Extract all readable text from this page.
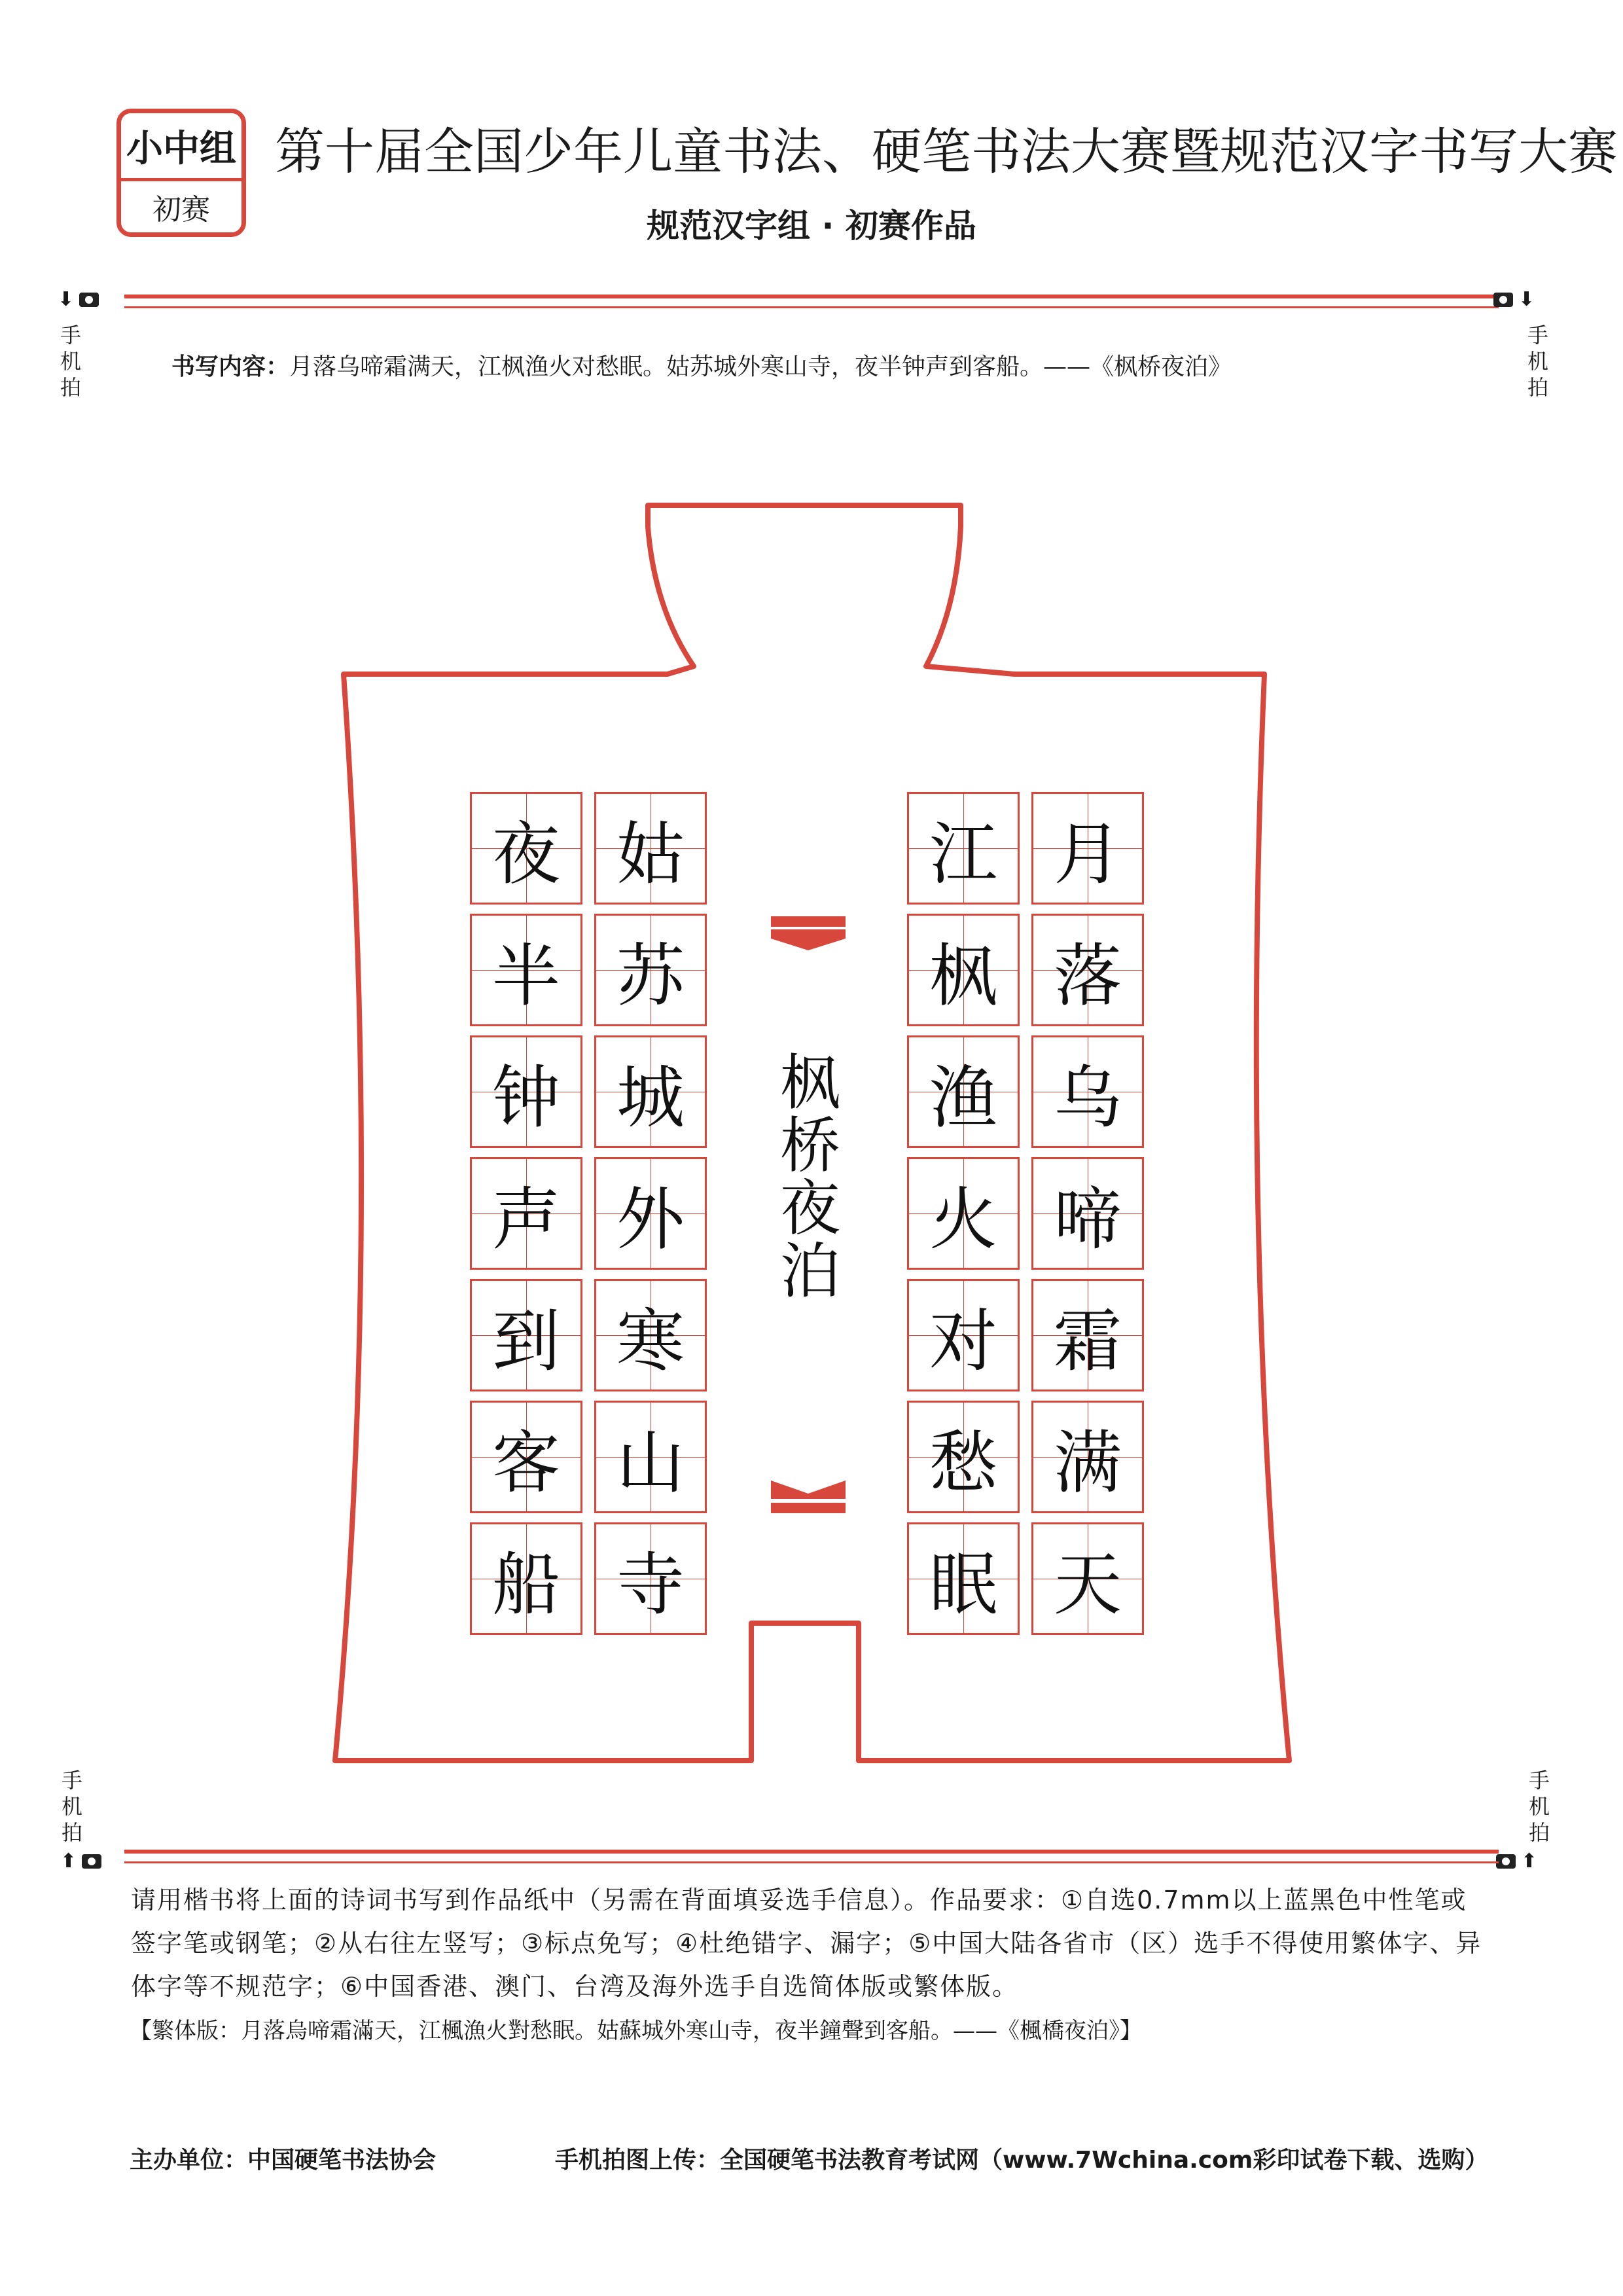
小中组
初赛
第十届全国少年儿童书法、硬笔书法大赛暨规范汉字书写大赛
规范汉字组 · 初赛作品
⬇
手机拍
⬇
手机拍
书写内容：月落乌啼霜满天，江枫渔火对愁眠。姑苏城外寒山寺，夜半钟声到客船。——《枫桥夜泊》
月
落
乌
啼
霜
满
天
江
枫
渔
火
对
愁
眠
姑
苏
城
外
寒
山
寺
夜
半
钟
声
到
客
船
枫桥夜泊
手机拍
⬆
手机拍
⬆
请用楷书将上面的诗词书写到作品纸中（另需在背面填妥选手信息）。作品要求：①自选0.7mm以上蓝黑色中性笔或签字笔或钢笔；②从右往左竖写；③标点免写；④杜绝错字、漏字；⑤中国大陆各省市（区）选手不得使用繁体字、异体字等不规范字；⑥中国香港、澳门、台湾及海外选手自选简体版或繁体版。
【繁体版：月落烏啼霜滿天，江楓漁火對愁眠。姑蘇城外寒山寺，夜半鐘聲到客船。——《楓橋夜泊》】
主办单位：中国硬笔书法协会	手机拍图上传：全国硬笔书法教育考试网（www.7Wchina.com彩印试卷下载、选购）
